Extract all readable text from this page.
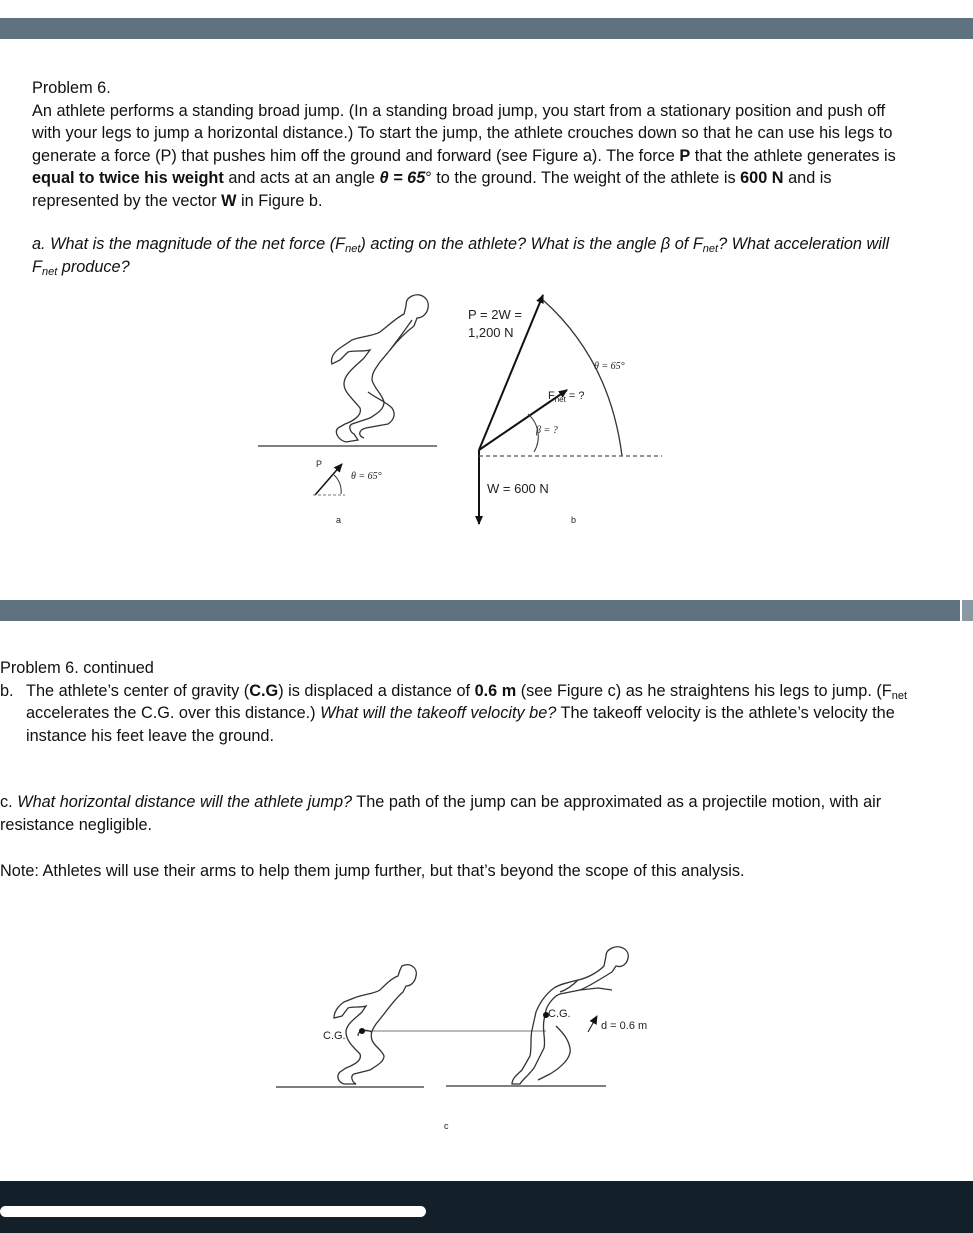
Problem 6.
An athlete performs a standing broad jump. (In a standing broad jump, you start from a stationary position and push off with your legs to jump a horizontal distance.) To start the jump, the athlete crouches down so that he can use his legs to generate a force (P) that pushes him off the ground and forward (see Figure a). The force P that the athlete generates is equal to twice his weight and acts at an angle θ = 65° to the ground. The weight of the athlete is 600 N and is represented by the vector W in Figure b.
a. What is the magnitude of the net force $(F_{net})$ acting on the athlete? What is the angle β of $F_{net}$? What acceleration will $F_{net}$ produce?
Problem 6. continued
b. The athlete’s center of gravity (C.G) is displaced a distance of 0.6 m (see Figure c) as he straightens his legs to jump. ($F_{net}$ accelerates the C.G. over this distance.) What will the takeoff velocity be? The takeoff velocity is the athlete’s velocity the instance his feet leave the ground.
c. What horizontal distance will the athlete jump? The path of the jump can be approximated as a projectile motion, with air resistance negligible.
Note: Athletes will use their arms to help them jump further, but that’s beyond the scope of this analysis.
P
θ = 65°
a
P = 2W =
1,200 N
θ = 65°
$F_{net}$ = ?
β = ?
W = 600 N
b
C.G.
C.G.
d = 0.6 m
c
